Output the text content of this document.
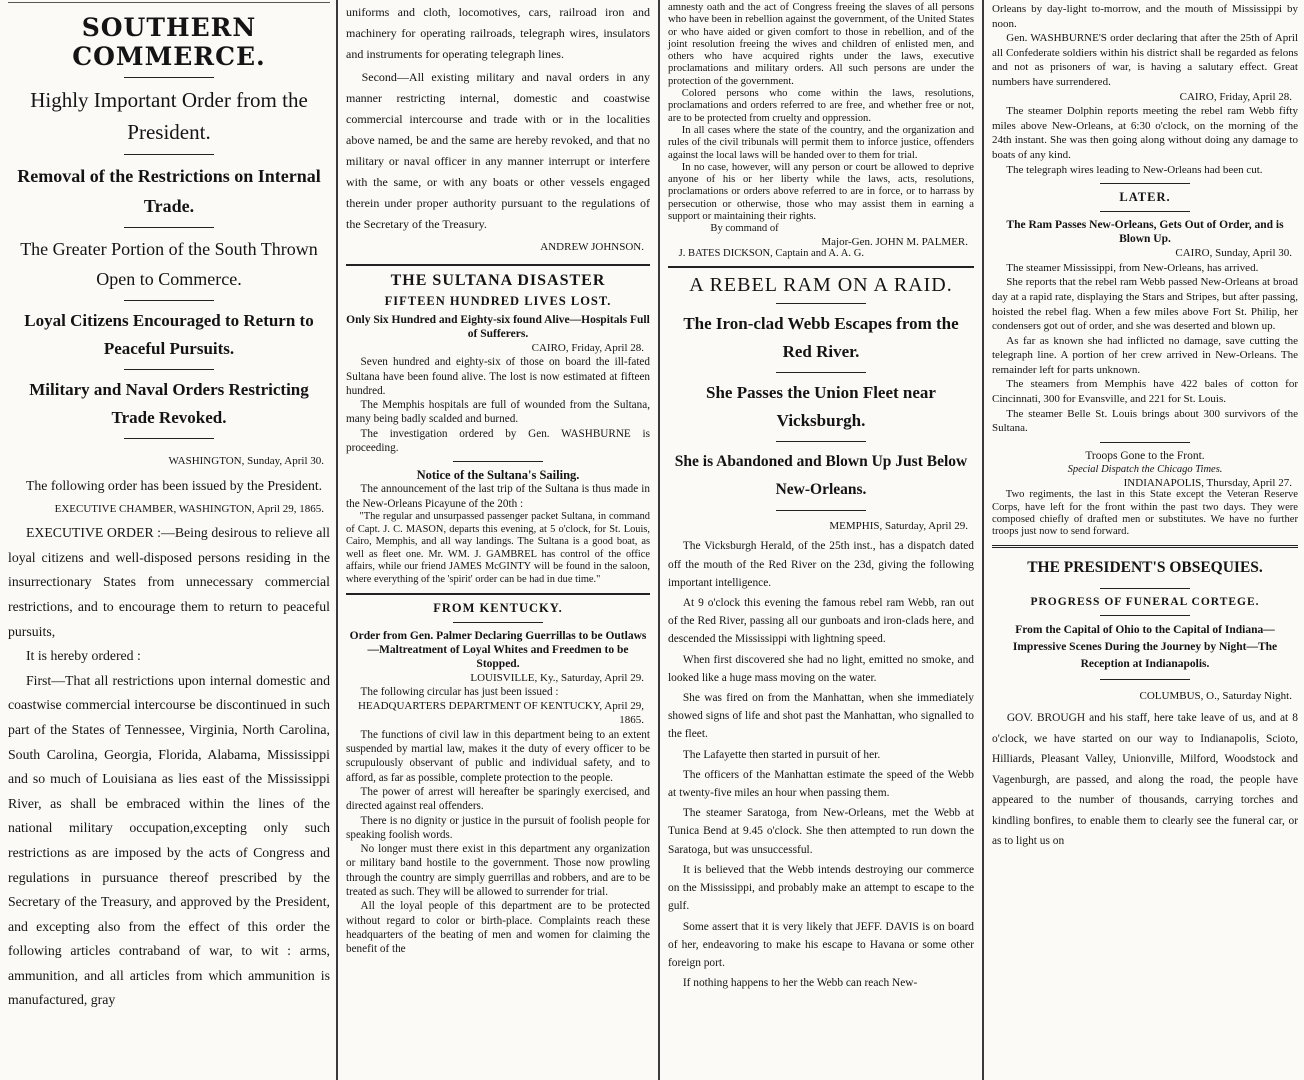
SOUTHERN COMMERCE.
Highly Important Order from the President.
Removal of the Restrictions on Internal Trade.
The Greater Portion of the South Thrown Open to Commerce.
Loyal Citizens Encouraged to Return to Peaceful Pursuits.
Military and Naval Orders Restricting Trade Revoked.

WASHINGTON, Sunday, April 30.

The following order has been issued by the President.

EXECUTIVE CHAMBER, WASHINGTON, April 29, 1865.

EXECUTIVE ORDER :—Being desirous to relieve all loyal citizens and well-disposed persons residing in the insurrectionary States from unnecessary commercial restrictions, and to encourage them to return to peaceful pursuits,

It is hereby ordered :

First—That all restrictions upon internal domestic and coastwise commercial intercourse be discontinued in such part of the States of Tennessee, Virginia, North Carolina, South Carolina, Georgia, Florida, Alabama, Mississippi and so much of Louisiana as lies east of the Mississippi River, as shall be embraced within the lines of the national military occupation,excepting only such restrictions as are imposed by the acts of Congress and regulations in pursuance thereof prescribed by the Secretary of the Treasury, and approved by the President, and excepting also from the effect of this order the following articles contraband of war, to wit : arms, ammunition, and all articles from which ammunition is manufactured, gray

uniforms and cloth, locomotives, cars, railroad iron and machinery for operating railroads, telegraph wires, insulators and instruments for operating telegraph lines.

Second—All existing military and naval orders in any manner restricting internal, domestic and coastwise commercial intercourse and trade with or in the localities above named, be and the same are hereby revoked, and that no military or naval officer in any manner interrupt or interfere with the same, or with any boats or other vessels engaged therein under proper authority pursuant to the regulations of the Secretary of the Treasury.

ANDREW JOHNSON.

THE SULTANA DISASTER
FIFTEEN HUNDRED LIVES LOST.
Only Six Hundred and Eighty-six found Alive—Hospitals Full of Sufferers.

CAIRO, Friday, April 28.

Seven hundred and eighty-six of those on board the ill-fated Sultana have been found alive. The lost is now estimated at fifteen hundred.

The Memphis hospitals are full of wounded from the Sultana, many being badly scalded and burned.

The investigation ordered by Gen. WASHBURNE is proceeding.

Notice of the Sultana's Sailing.

The announcement of the last trip of the Sultana is thus made in the New-Orleans Picayune of the 20th :

"The regular and unsurpassed passenger packet Sultana, in command of Capt. J. C. MASON, departs this evening, at 5 o'clock, for St. Louis, Cairo, Memphis, and all way landings. The Sultana is a good boat, as well as fleet one. Mr. WM. J. GAMBREL has control of the office affairs, while our friend JAMES McGINTY will be found in the saloon, where everything of the 'spirit' order can be had in due time."

FROM KENTUCKY.
Order from Gen. Palmer Declaring Guerrillas to be Outlaws—Maltreatment of Loyal Whites and Freedmen to be Stopped.

LOUISVILLE, Ky., Saturday, April 29.

The following circular has just been issued :

HEADQUARTERS DEPARTMENT OF KENTUCKY, April 29, 1865.

The functions of civil law in this department being to an extent suspended by martial law, makes it the duty of every officer to be scrupulously observant of public and individual safety, and to afford, as far as possible, complete protection to the people.

The power of arrest will hereafter be sparingly exercised, and directed against real offenders.

There is no dignity or justice in the pursuit of foolish people for speaking foolish words.

No longer must there exist in this department any organization or military band hostile to the government. Those now prowling through the country are simply guerrillas and robbers, and are to be treated as such. They will be allowed to surrender for trial.

All the loyal people of this department are to be protected without regard to color or birth-place. Complaints reach these headquarters of the beating of men and women for claiming the benefit of the

amnesty oath and the act of Congress freeing the slaves of all persons who have been in rebellion against the government, of the United States or who have aided or given comfort to those in rebellion, and of the joint resolution freeing the wives and children of enlisted men, and others who have acquired rights under the laws, executive proclamations and military orders. All such persons are under the protection of the government.

Colored persons who come within the laws, resolutions, proclamations and orders referred to are free, and whether free or not, are to be protected from cruelty and oppression.

In all cases where the state of the country, and the organization and rules of the civil tribunals will permit them to inforce justice, offenders against the local laws will be handed over to them for trial.

In no case, however, will any person or court be allowed to deprive anyone of his or her liberty while the laws, acts, resolutions, proclamations or orders above referred to are in force, or to harrass by persecution or otherwise, those who may assist them in earning a support or maintaining their rights.

By command of

Major-Gen. JOHN M. PALMER.

J. BATES DICKSON, Captain and A. A. G.

A REBEL RAM ON A RAID.
The Iron-clad Webb Escapes from the Red River.
She Passes the Union Fleet near Vicksburgh.
She is Abandoned and Blown Up Just Below New-Orleans.

MEMPHIS, Saturday, April 29.

The Vicksburgh Herald, of the 25th inst., has a dispatch dated off the mouth of the Red River on the 23d, giving the following important intelligence.

At 9 o'clock this evening the famous rebel ram Webb, ran out of the Red River, passing all our gunboats and iron-clads here, and descended the Mississippi with lightning speed.

When first discovered she had no light, emitted no smoke, and looked like a huge mass moving on the water.

She was fired on from the Manhattan, when she immediately showed signs of life and shot past the Manhattan, who signalled to the fleet.

The Lafayette then started in pursuit of her.

The officers of the Manhattan estimate the speed of the Webb at twenty-five miles an hour when passing them.

The steamer Saratoga, from New-Orleans, met the Webb at Tunica Bend at 9.45 o'clock. She then attempted to run down the Saratoga, but was unsuccessful.

It is believed that the Webb intends destroying our commerce on the Mississippi, and probably make an attempt to escape to the gulf.

Some assert that it is very likely that JEFF. DAVIS is on board of her, endeavoring to make his escape to Havana or some other foreign port.

If nothing happens to her the Webb can reach New-

Orleans by day-light to-morrow, and the mouth of Mississippi by noon.

Gen. WASHBURNE'S order declaring that after the 25th of April all Confederate soldiers within his district shall be regarded as felons and not as prisoners of war, is having a salutary effect. Great numbers have surrendered.

CAIRO, Friday, April 28.

The steamer Dolphin reports meeting the rebel ram Webb fifty miles above New-Orleans, at 6:30 o'clock, on the morning of the 24th instant. She was then going along without doing any damage to boats of any kind.

The telegraph wires leading to New-Orleans had been cut.

LATER.
The Ram Passes New-Orleans, Gets Out of Order, and is Blown Up.

CAIRO, Sunday, April 30.

The steamer Mississippi, from New-Orleans, has arrived.

She reports that the rebel ram Webb passed New-Orleans at broad day at a rapid rate, displaying the Stars and Stripes, but after passing, hoisted the rebel flag. When a few miles above Fort St. Philip, her condensers got out of order, and she was deserted and blown up.

As far as known she had inflicted no damage, save cutting the telegraph line. A portion of her crew arrived in New-Orleans. The remainder left for parts unknown.

The steamers from Memphis have 422 bales of cotton for Cincinnati, 300 for Evansville, and 221 for St. Louis.

The steamer Belle St. Louis brings about 300 survivors of the Sultana.

Troops Gone to the Front.
Special Dispatch the Chicago Times.

INDIANAPOLIS, Thursday, April 27.

Two regiments, the last in this State except the Veteran Reserve Corps, have left for the front within the past two days. They were composed chiefly of drafted men or substitutes. We have no further troops just now to send forward.

THE PRESIDENT'S OBSEQUIES.
PROGRESS OF FUNERAL CORTEGE.
From the Capital of Ohio to the Capital of Indiana—Impressive Scenes During the Journey by Night—The Reception at Indianapolis.

COLUMBUS, O., Saturday Night.

GOV. BROUGH and his staff, here take leave of us, and at 8 o'clock, we have started on our way to Indianapolis, Scioto, Hilliards, Pleasant Valley, Unionville, Milford, Woodstock and Vagenburgh, are passed, and along the road, the people have appeared to the number of thousands, carrying torches and kindling bonfires, to enable them to clearly see the funeral car, or as to light us on
